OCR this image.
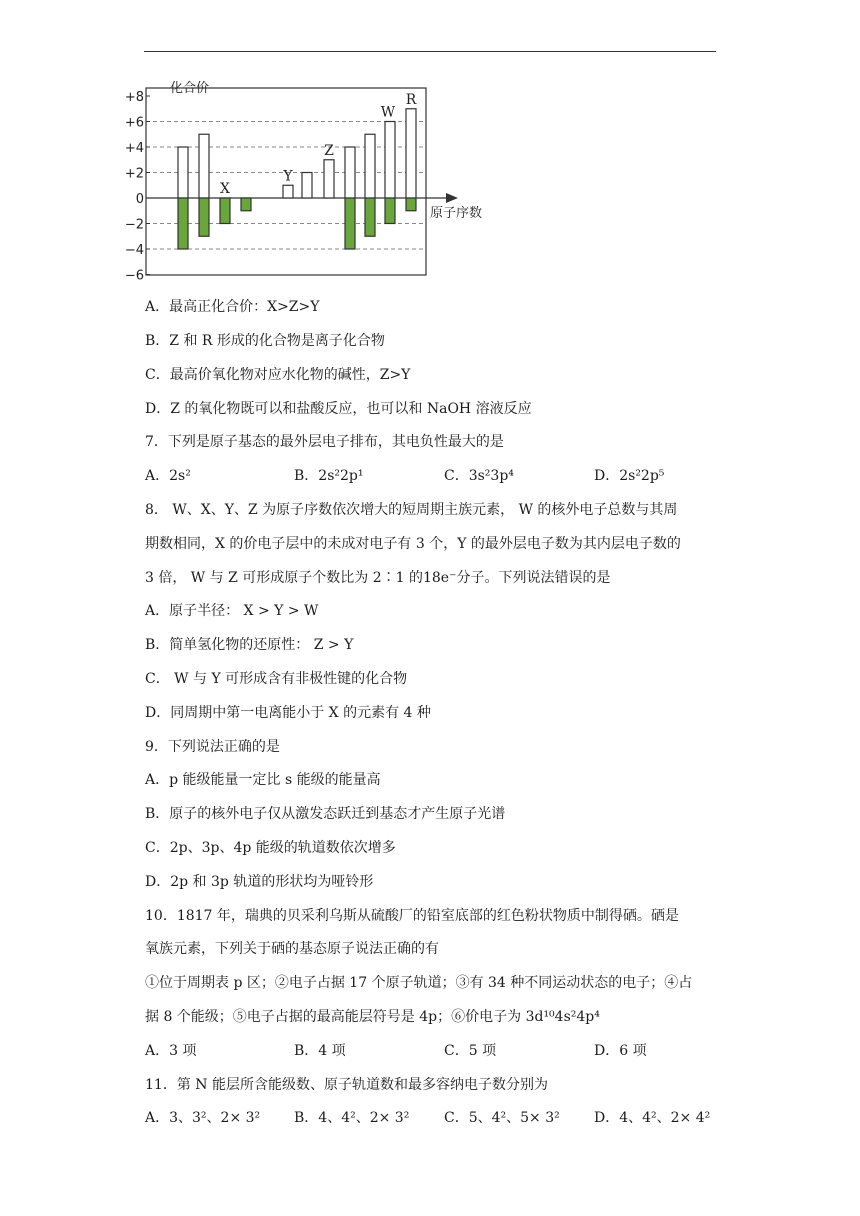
+8
+6
+4
+2
0
−2
−4
−6
化合价
原子序数
X
Y
Z
W
R
A．最高正化合价：X>Z>Y
B．Z 和 R 形成的化合物是离子化合物
C．最高价氧化物对应水化物的碱性，Z>Y
D．Z 的氧化物既可以和盐酸反应，也可以和 NaOH 溶液反应
7．下列是原子基态的最外层电子排布，其电负性最大的是
A．2s²	B．2s²2p¹	C．3s²3p⁴	D．2s²2p⁵
8． W、X、Y、Z 为原子序数依次增大的短周期主族元素， W 的核外电子总数与其周
期数相同，X 的价电子层中的未成对电子有 3 个，Y 的最外层电子数为其内层电子数的
3 倍， W 与 Z 可形成原子个数比为 2∶1 的18e⁻分子。下列说法错误的是
A．原子半径： X > Y > W
B．简单氢化物的还原性： Z > Y
C． W 与 Y 可形成含有非极性键的化合物
D．同周期中第一电离能小于 X 的元素有 4 种
9．下列说法正确的是
A．p 能级能量一定比 s 能级的能量高
B．原子的核外电子仅从激发态跃迁到基态才产生原子光谱
C．2p、3p、4p 能级的轨道数依次增多
D．2p 和 3p 轨道的形状均为哑铃形
10．1817 年，瑞典的贝采利乌斯从硫酸厂的铅室底部的红色粉状物质中制得硒。硒是
氧族元素，下列关于硒的基态原子说法正确的有
①位于周期表 p 区；②电子占据 17 个原子轨道；③有 34 种不同运动状态的电子；④占
据 8 个能级；⑤电子占据的最高能层符号是 4p；⑥价电子为 3d¹⁰4s²4p⁴
A．3 项	B．4 项	C．5 项	D．6 项
11．第 N 能层所含能级数、原子轨道数和最多容纳电子数分别为
A．3、3²、2× 3² B．4、4²、2× 3² C．5、4²、5× 3² D．4、4²、2× 4²
